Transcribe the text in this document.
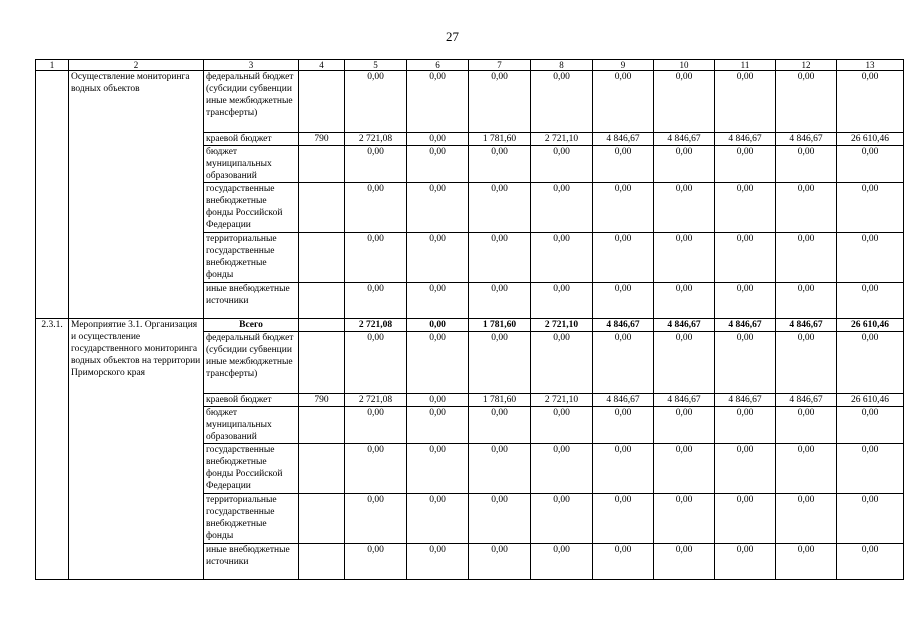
27
1	2	3	4	5	6	7	8	9	10	11	12	13
	Осуществление мониторинга водных объектов	федеральный бюджет (субсидии субвенции иные межбюджетные трансферты)		0,00	0,00	0,00	0,00	0,00	0,00	0,00	0,00	0,00
		краевой бюджет	790	2 721,08	0,00	1 781,60	2 721,10	4 846,67	4 846,67	4 846,67	4 846,67	26 610,46
		бюджет муниципальных образований		0,00	0,00	0,00	0,00	0,00	0,00	0,00	0,00	0,00
		государственные внебюджетные фонды Российской Федерации		0,00	0,00	0,00	0,00	0,00	0,00	0,00	0,00	0,00
		территориальные государственные внебюджетные фонды		0,00	0,00	0,00	0,00	0,00	0,00	0,00	0,00	0,00
		иные внебюджетные источники		0,00	0,00	0,00	0,00	0,00	0,00	0,00	0,00	0,00
2.3.1.	Мероприятие 3.1. Организация и осуществление государственного мониторинга водных объектов на территории Приморского края	Всего		2 721,08	0,00	1 781,60	2 721,10	4 846,67	4 846,67	4 846,67	4 846,67	26 610,46
		федеральный бюджет (субсидии субвенции иные межбюджетные трансферты)		0,00	0,00	0,00	0,00	0,00	0,00	0,00	0,00	0,00
		краевой бюджет	790	2 721,08	0,00	1 781,60	2 721,10	4 846,67	4 846,67	4 846,67	4 846,67	26 610,46
		бюджет муниципальных образований		0,00	0,00	0,00	0,00	0,00	0,00	0,00	0,00	0,00
		государственные внебюджетные фонды Российской Федерации		0,00	0,00	0,00	0,00	0,00	0,00	0,00	0,00	0,00
		территориальные государственные внебюджетные фонды		0,00	0,00	0,00	0,00	0,00	0,00	0,00	0,00	0,00
		иные внебюджетные источники		0,00	0,00	0,00	0,00	0,00	0,00	0,00	0,00	0,00
